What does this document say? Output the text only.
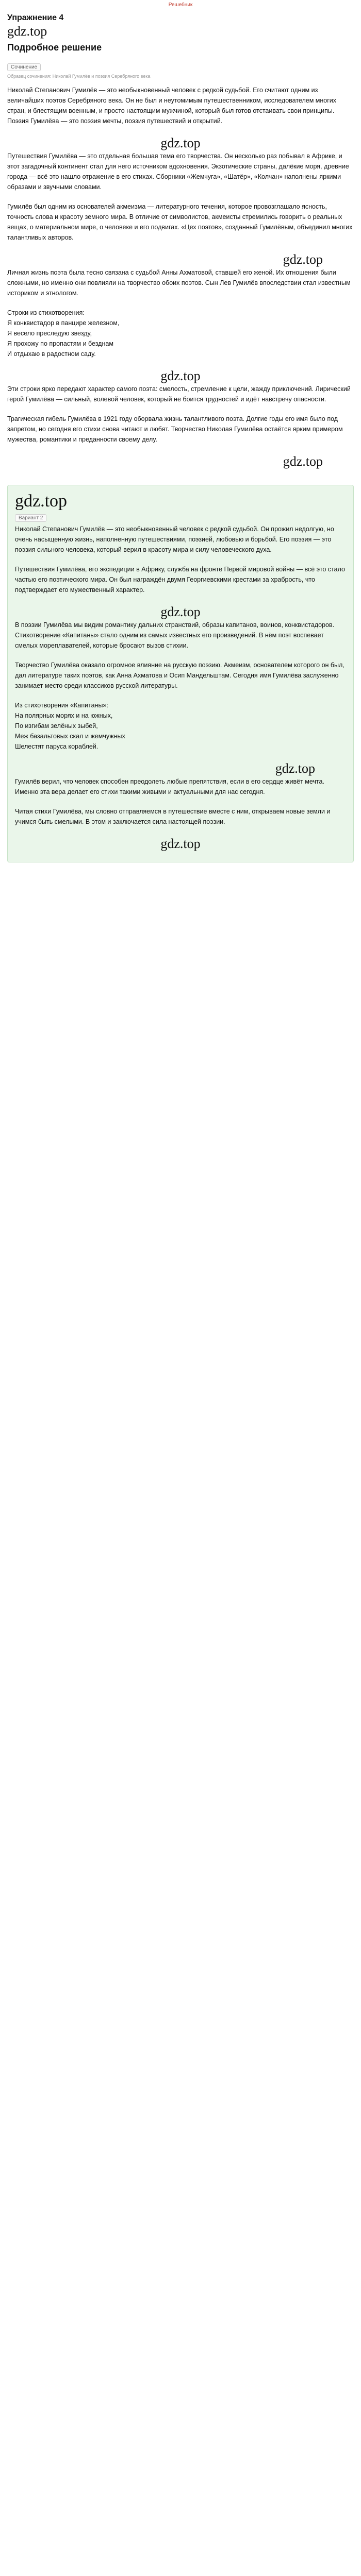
Решебник
Упражнение 4
gdz.top
Подробное решение
Сочинение
Образец сочинения: Николай Гумилёв и поэзия Серебряного века

Николай Степанович Гумилёв — это необыкновенный человек с редкой судьбой. Его считают одним из величайших поэтов Серебряного века. Он не был и неутомимым путешественником, исследователем многих стран, и блестящим военным, и просто настоящим мужчиной, который был готов отстаивать свои принципы. Поэзия Гумилёва — это поэзия мечты, поэзия путешествий и открытий.

gdz.top

Путешествия Гумилёва — это отдельная большая тема его творчества. Он несколько раз побывал в Африке, и этот загадочный континент стал для него источником вдохновения. Экзотические страны, далёкие моря, древние города — всё это нашло отражение в его стихах. Сборники «Жемчуга», «Шатёр», «Колчан» наполнены яркими образами и звучными словами.

Гумилёв был одним из основателей акмеизма — литературного течения, которое провозглашало ясность, точность слова и красоту земного мира. В отличие от символистов, акмеисты стремились говорить о реальных вещах, о материальном мире, о человеке и его подвигах. «Цех поэтов», созданный Гумилёвым, объединил многих талантливых авторов.

gdz.top

Личная жизнь поэта была тесно связана с судьбой Анны Ахматовой, ставшей его женой. Их отношения были сложными, но именно они повлияли на творчество обоих поэтов. Сын Лев Гумилёв впоследствии стал известным историком и этнологом.

Строки из стихотворения:
Я конквистадор в панцире железном,
Я весело преследую звезду,
Я прохожу по пропастям и безднам
И отдыхаю в радостном саду.
gdz.top

Эти строки ярко передают характер самого поэта: смелость, стремление к цели, жажду приключений. Лирический герой Гумилёва — сильный, волевой человек, который не боится трудностей и идёт навстречу опасности.

Трагическая гибель Гумилёва в 1921 году оборвала жизнь талантливого поэта. Долгие годы его имя было под запретом, но сегодня его стихи снова читают и любят. Творчество Николая Гумилёва остаётся ярким примером мужества, романтики и преданности своему делу.

gdz.top
gdz.top
Вариант 2

Николай Степанович Гумилёв — это необыкновенный человек с редкой судьбой. Он прожил недолгую, но очень насыщенную жизнь, наполненную путешествиями, поэзией, любовью и борьбой. Его поэзия — это поэзия сильного человека, который верил в красоту мира и силу человеческого духа.

Путешествия Гумилёва, его экспедиции в Африку, служба на фронте Первой мировой войны — всё это стало частью его поэтического мира. Он был награждён двумя Георгиевскими крестами за храбрость, что подтверждает его мужественный характер.

gdz.top

В поэзии Гумилёва мы видим романтику дальних странствий, образы капитанов, воинов, конквистадоров. Стихотворение «Капитаны» стало одним из самых известных его произведений. В нём поэт воспевает смелых мореплавателей, которые бросают вызов стихии.

Творчество Гумилёва оказало огромное влияние на русскую поэзию. Акмеизм, основателем которого он был, дал литературе таких поэтов, как Анна Ахматова и Осип Мандельштам. Сегодня имя Гумилёва заслуженно занимает место среди классиков русской литературы.

Из стихотворения «Капитаны»:
На полярных морях и на южных,
По изгибам зелёных зыбей,
Меж базальтовых скал и жемчужных
Шелестят паруса кораблей.
gdz.top

Гумилёв верил, что человек способен преодолеть любые препятствия, если в его сердце живёт мечта. Именно эта вера делает его стихи такими живыми и актуальными для нас сегодня.

Читая стихи Гумилёва, мы словно отправляемся в путешествие вместе с ним, открываем новые земли и учимся быть смелыми. В этом и заключается сила настоящей поэзии.

gdz.top
